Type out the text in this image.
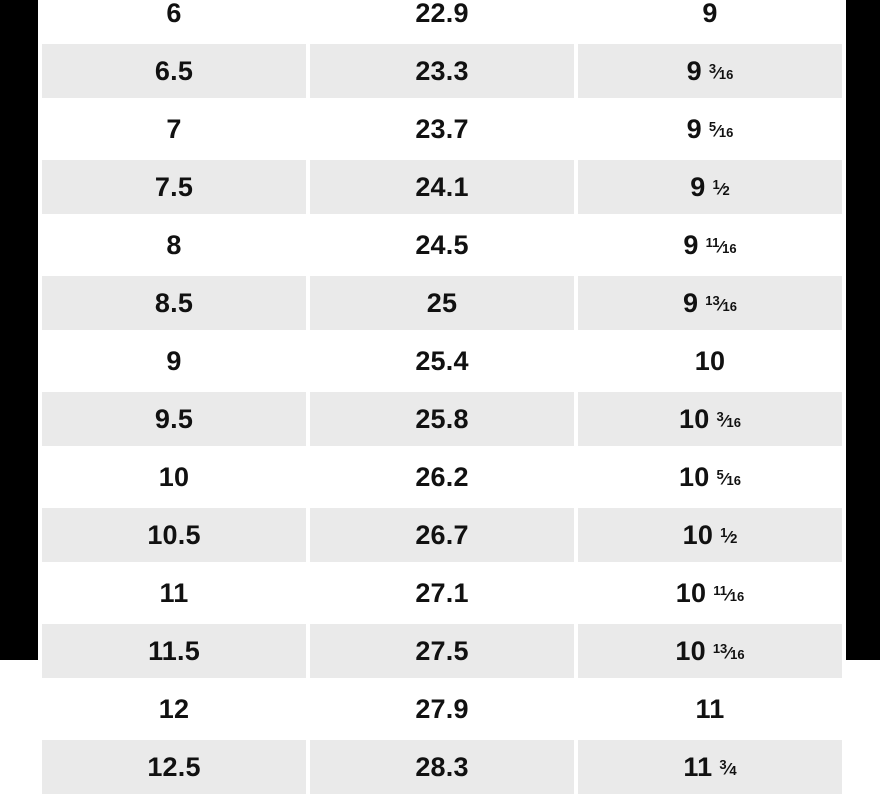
6	22.9	9

6.5	23.3	9 $^3⁄_{16}$

7	23.7	9 $^5⁄_{16}$

7.5	24.1	9 $^1⁄_2$

8	24.5	9 $^{11}⁄_{16}$

8.5	25	9 $^{13}⁄_{16}$

9	25.4	10

9.5	25.8	10 $^3⁄_{16}$

10	26.2	10 $^5⁄_{16}$

10.5	26.7	10 $^1⁄_2$

11	27.1	10 $^{11}⁄_{16}$

11.5	27.5	10 $^{13}⁄_{16}$

12	27.9	11

12.5	28.3	11 $^3⁄_4$
